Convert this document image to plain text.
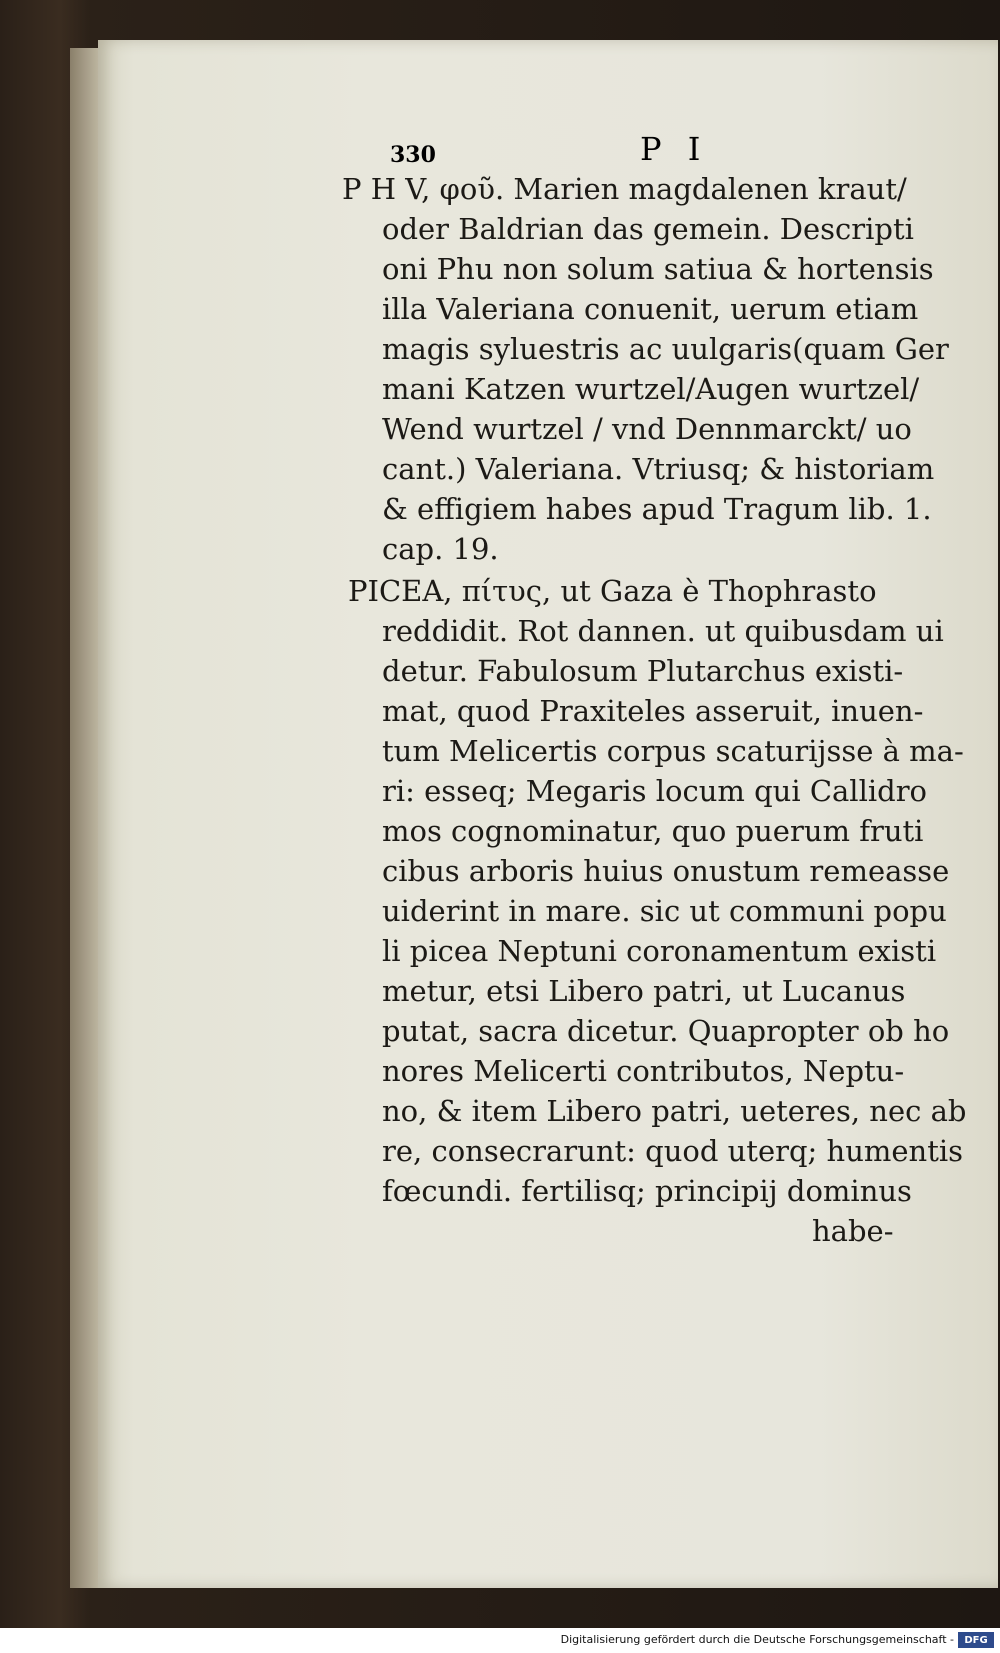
330	P I
P H V, φοῦ. Marien magdalenen kraut/
oder Baldrian das gemein. Descripti
oni Phu non solum satiua & hortensis
illa Valeriana conuenit, uerum etiam
magis syluestris ac uulgaris(quam Ger
mani Katzen wurtzel/Augen wurtzel/
Wend wurtzel / vnd Dennmarckt/ uo
cant.) Valeriana. Vtriusq; & historiam
& effigiem habes apud Tragum lib. 1.
cap. 19.
PICEA, πίτυς, ut Gaza è Thophrasto
reddidit. Rot dannen. ut quibusdam ui
detur. Fabulosum Plutarchus existi-
mat, quod Praxiteles asseruit, inuen-
tum Melicertis corpus scaturijsse à ma-
ri: esseq; Megaris locum qui Callidro
mos cognominatur, quo puerum fruti
cibus arboris huius onustum remeasse
uiderint in mare. sic ut communi popu
li picea Neptuni coronamentum existi
metur, etsi Libero patri, ut Lucanus
putat, sacra dicetur. Quapropter ob ho
nores Melicerti contributos, Neptu-
no, & item Libero patri, ueteres, nec ab
re, consecrarunt: quod uterq; humentis
fœcundi. fertilisq; principij dominus
habe-
Digitalisierung gefördert durch die Deutsche Forschungsgemeinschaft -	DFG
